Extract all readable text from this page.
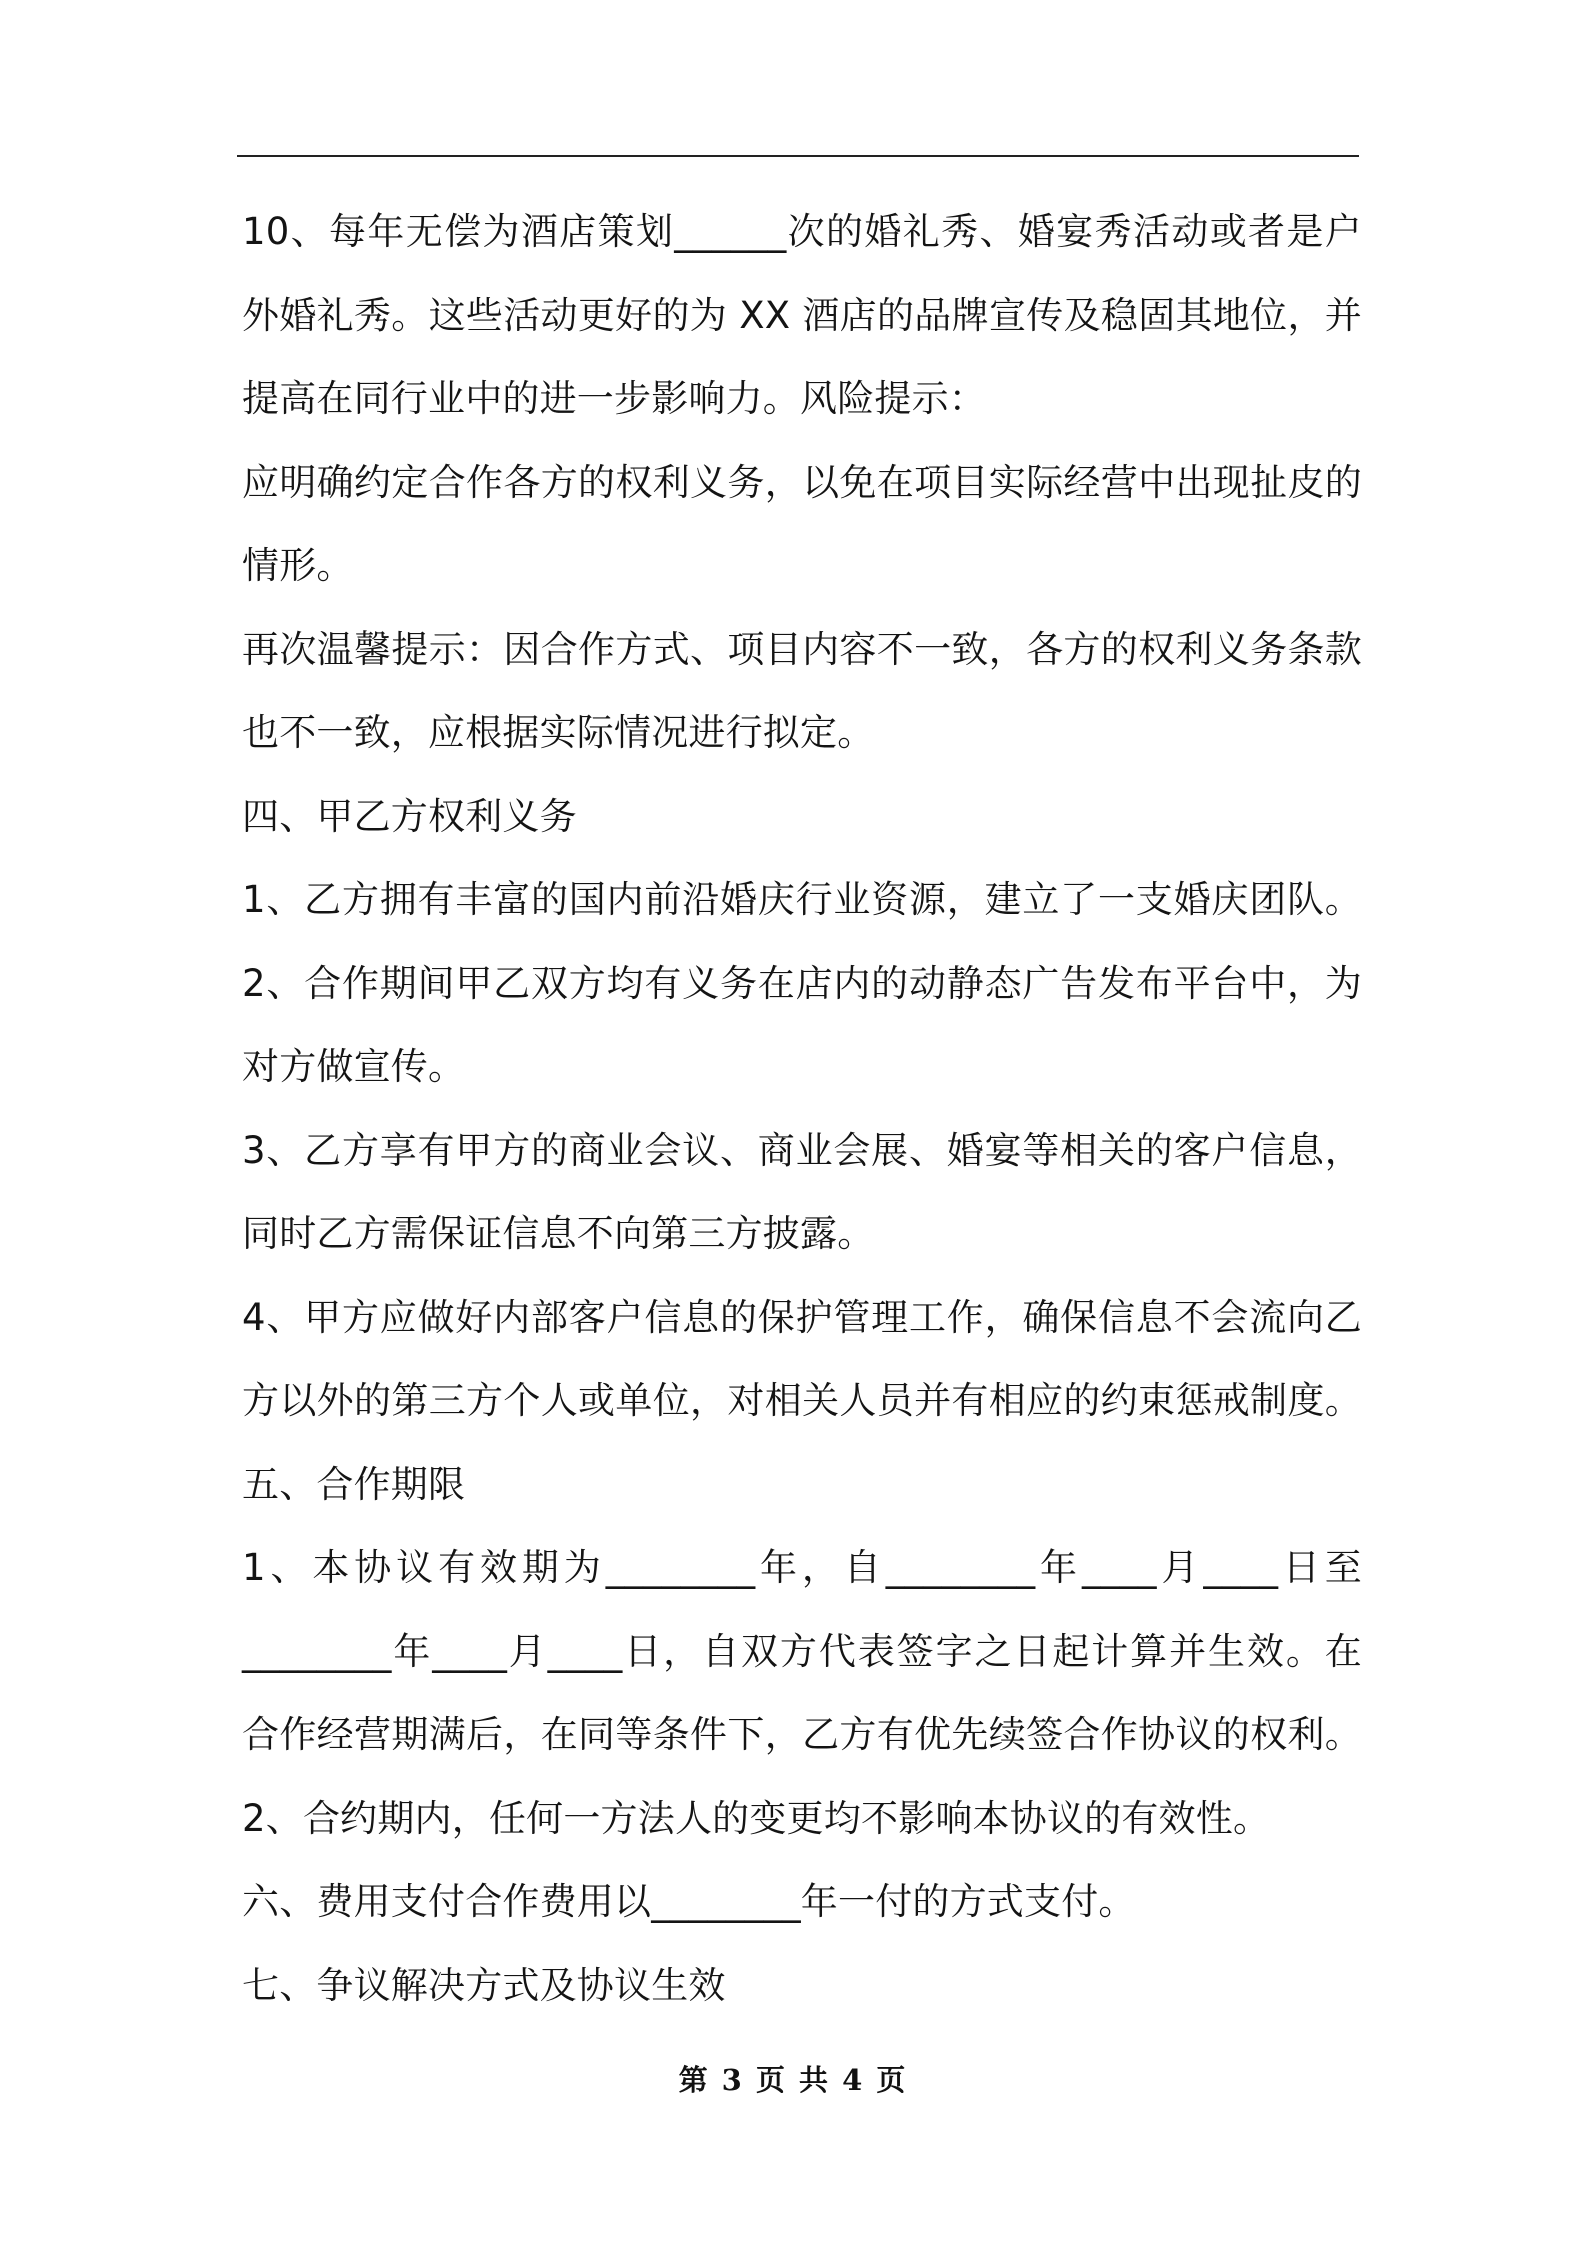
10、每年无偿为酒店策划______次的婚礼秀、婚宴秀活动或者是户
外婚礼秀。这些活动更好的为 XX 酒店的品牌宣传及稳固其地位，并
提高在同行业中的进一步影响力。风险提示：
应明确约定合作各方的权利义务，以免在项目实际经营中出现扯皮的
情形。
再次温馨提示：因合作方式、项目内容不一致，各方的权利义务条款
也不一致，应根据实际情况进行拟定。
四、甲乙方权利义务
1、乙方拥有丰富的国内前沿婚庆行业资源，建立了一支婚庆团队。
2、合作期间甲乙双方均有义务在店内的动静态广告发布平台中，为
对方做宣传。
3、乙方享有甲方的商业会议、商业会展、婚宴等相关的客户信息，
同时乙方需保证信息不向第三方披露。
4、甲方应做好内部客户信息的保护管理工作，确保信息不会流向乙
方以外的第三方个人或单位，对相关人员并有相应的约束惩戒制度。
五、合作期限
1、本协议有效期为________年，自________年____月____日至
________年____月____日，自双方代表签字之日起计算并生效。在
合作经营期满后，在同等条件下，乙方有优先续签合作协议的权利。
2、合约期内，任何一方法人的变更均不影响本协议的有效性。
六、费用支付合作费用以________年一付的方式支付。
七、争议解决方式及协议生效
第 3 页 共 4 页
